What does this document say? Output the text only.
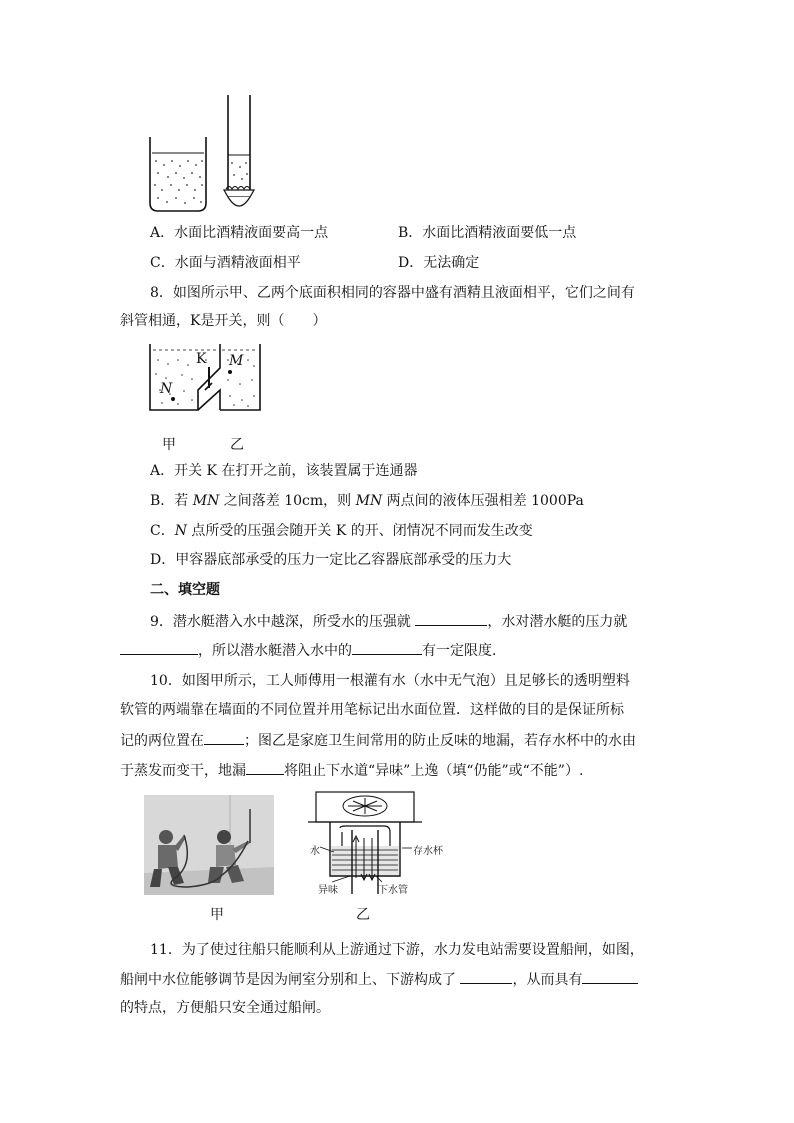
A．水面比酒精液面要高一点	B．水面比酒精液面要低一点
C．水面与酒精液面相平	D．无法确定
8．如图所示甲、乙两个底面积相同的容器中盛有酒精且液面相平，它们之间有
斜管相通，K是开关，则（　　）
K M
N
甲	乙
A．开关 K 在打开之前，该装置属于连通器
B．若 MN 之间落差 10cm，则 MN 两点间的液体压强相差 1000Pa
C．N 点所受的压强会随开关 K 的开、闭情况不同而发生改变
D．甲容器底部承受的压力一定比乙容器底部承受的压力大
二、填空题
9．潜水艇潜入水中越深，所受水的压强就	，水对潜水艇的压力就
，所以潜水艇潜入水中的	有一定限度．
10．如图甲所示，工人师傅用一根灌有水（水中无气泡）且足够长的透明塑料
软管的两端靠在墙面的不同位置并用笔标记出水面位置．这样做的目的是保证所标
记的两位置在	；图乙是家庭卫生间常用的防止反味的地漏，若存水杯中的水由
于蒸发而变干，地漏	将阻止下水道“异味”上逸（填“仍能”或“不能”）.
甲
水	存水杯
异味	下水管
乙
11．为了使过往船只能顺利从上游通过下游，水力发电站需要设置船闸，如图，
船闸中水位能够调节是因为闸室分别和上、下游构成了	，从而具有
的特点，方便船只安全通过船闸。
